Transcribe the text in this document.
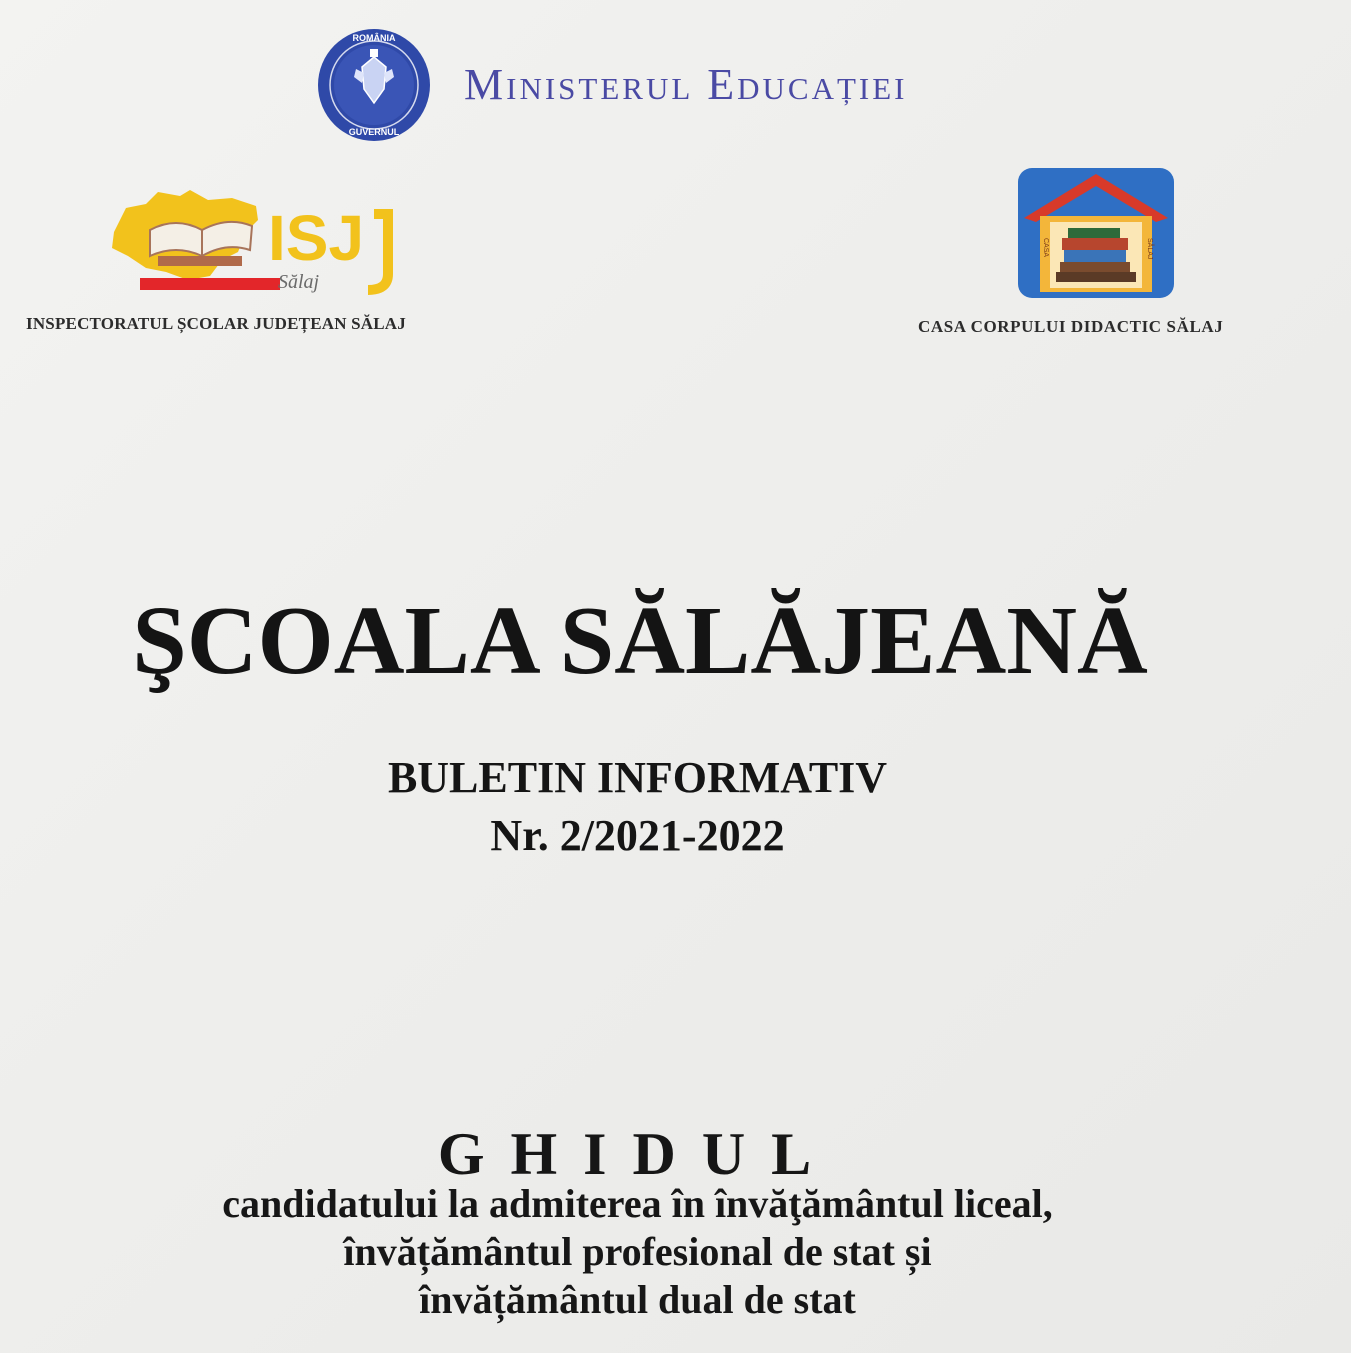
ROMÂNIA
GUVERNUL
Ministerul Educației
ISJ
Sălaj
INSPECTORATUL ȘCOLAR JUDEȚEAN SĂLAJ
CASA	SĂLAJ
CASA CORPULUI DIDACTIC SĂLAJ
ŞCOALA SĂLĂJEANĂ
BULETIN INFORMATIV
Nr. 2/2021-2022
GHIDUL
candidatului la admiterea în învăţământul liceal,
învățământul profesional de stat și
învățământul dual de stat
